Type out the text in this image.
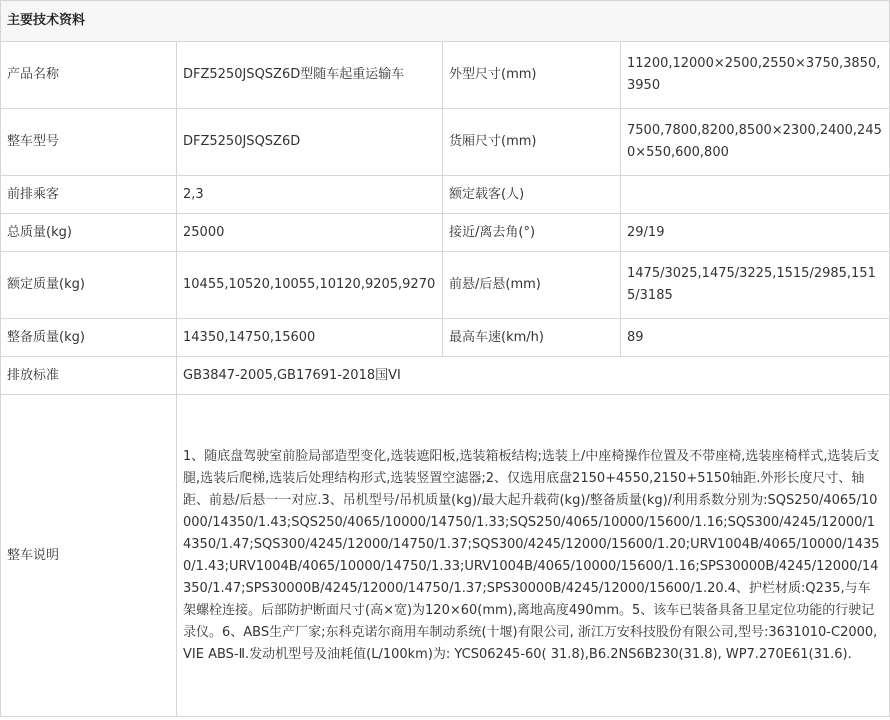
主要技术资料			
产品名称	DFZ5250JSQSZ6D型随车起重运输车	外型尺寸(mm)	11200,12000×2500,2550×3750,3850,3950
整车型号	DFZ5250JSQSZ6D	货厢尺寸(mm)	7500,7800,8200,8500×2300,2400,2450×550,600,800
前排乘客	2,3	额定载客(人)	
总质量(kg)	25000	接近/离去角(°)	29/19
额定质量(kg)	10455,10520,10055,10120,9205,9270	前悬/后悬(mm)	1475/3025,1475/3225,1515/2985,1515/3185
整备质量(kg)	14350,14750,15600	最高车速(km/h)	89
排放标准	GB3847-2005,GB17691-2018国VI		
整车说明	1、随底盘驾驶室前脸局部造型变化,选装遮阳板,选装箱板结构;选装上/中座椅操作位置及不带座椅,选装座椅样式,选装后支腿,选装后爬梯,选装后处理结构形式,选装竖置空滤器;2、仅选用底盘2150+4550,2150+5150轴距.外形长度尺寸、轴距、前悬/后悬一一对应.3、吊机型号/吊机质量(kg)/最大起升载荷(kg)/整备质量(kg)/利用系数分别为:SQS250/4065/10000/14350/1.43;SQS250/4065/10000/14750/1.33;SQS250/4065/10000/15600/1.16;SQS300/4245/12000/14350/1.47;SQS300/4245/12000/14750/1.37;SQS300/4245/12000/15600/1.20;URV1004B/4065/10000/14350/1.43;URV1004B/4065/10000/14750/1.33;URV1004B/4065/10000/15600/1.16;SPS30000B/4245/12000/14350/1.47;SPS30000B/4245/12000/14750/1.37;SPS30000B/4245/12000/15600/1.20.4、护栏材质:Q235,与车架螺栓连接。后部防护断面尺寸(高×宽)为120×60(mm),离地高度490mm。5、该车已装备具备卫星定位功能的行驶记录仪。6、ABS生产厂家;东科克诺尔商用车制动系统(十堰)有限公司, 浙江万安科技股份有限公司,型号:3631010-C2000, VIE ABS-Ⅱ.发动机型号及油耗值(L/100km)为: YCS06245-60( 31.8),B6.2NS6B230(31.8), WP7.270E61(31.6).		
